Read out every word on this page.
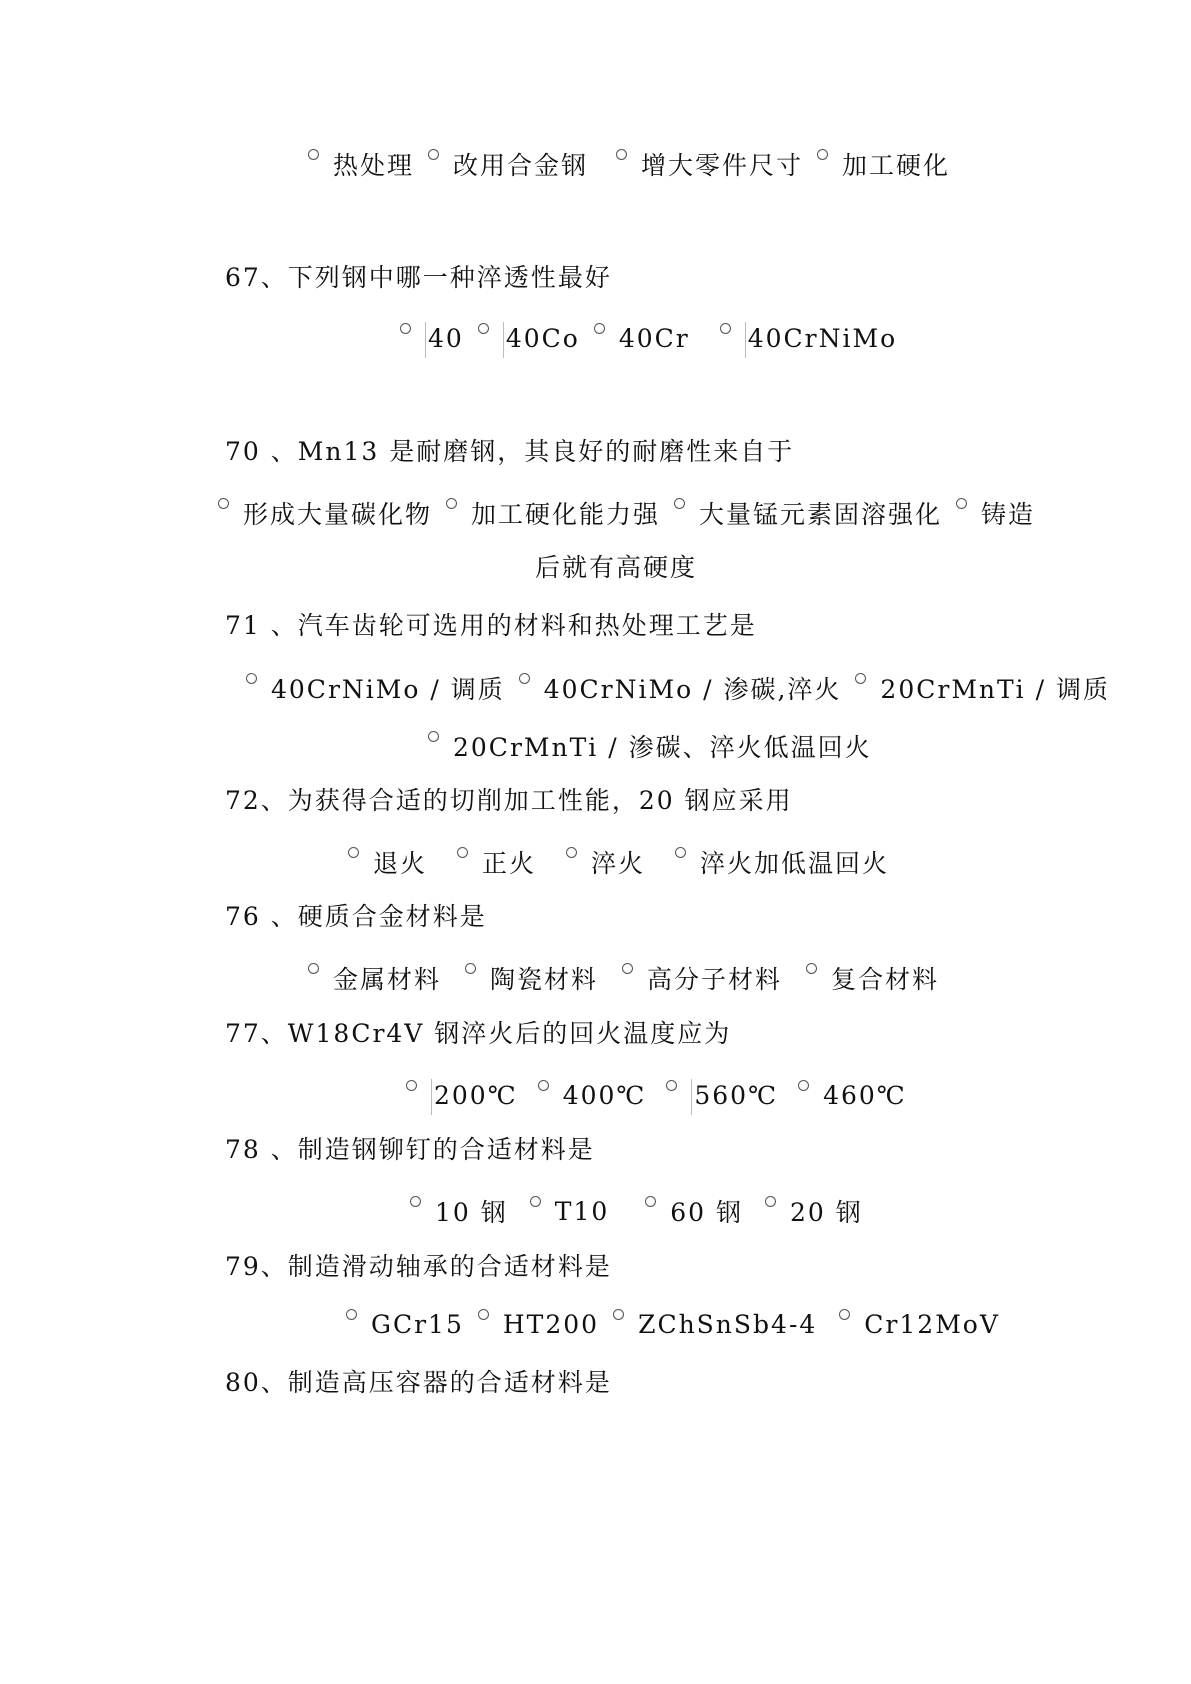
热处理 改用合金钢 增大零件尺寸 加工硬化
67、下列钢中哪一种淬透性最好
40 40Co 40Cr 40CrNiMo
70 、Mn13 是耐磨钢，其良好的耐磨性来自于
形成大量碳化物 加工硬化能力强 大量锰元素固溶强化 铸造
后就有高硬度
71 、汽车齿轮可选用的材料和热处理工艺是
40CrNiMo / 调质 40CrNiMo / 渗碳,淬火 20CrMnTi / 调质
20CrMnTi / 渗碳、淬火低温回火
72、为获得合适的切削加工性能，20 钢应采用
退火 正火 淬火 淬火加低温回火
76 、硬质合金材料是
金属材料 陶瓷材料 高分子材料 复合材料
77、W18Cr4V 钢淬火后的回火温度应为
200℃ 400℃ 560℃ 460℃
78 、制造钢铆钉的合适材料是
10 钢 T10 60 钢 20 钢
79、制造滑动轴承的合适材料是
GCr15 HT200 ZChSnSb4-4 Cr12MoV
80、制造高压容器的合适材料是
